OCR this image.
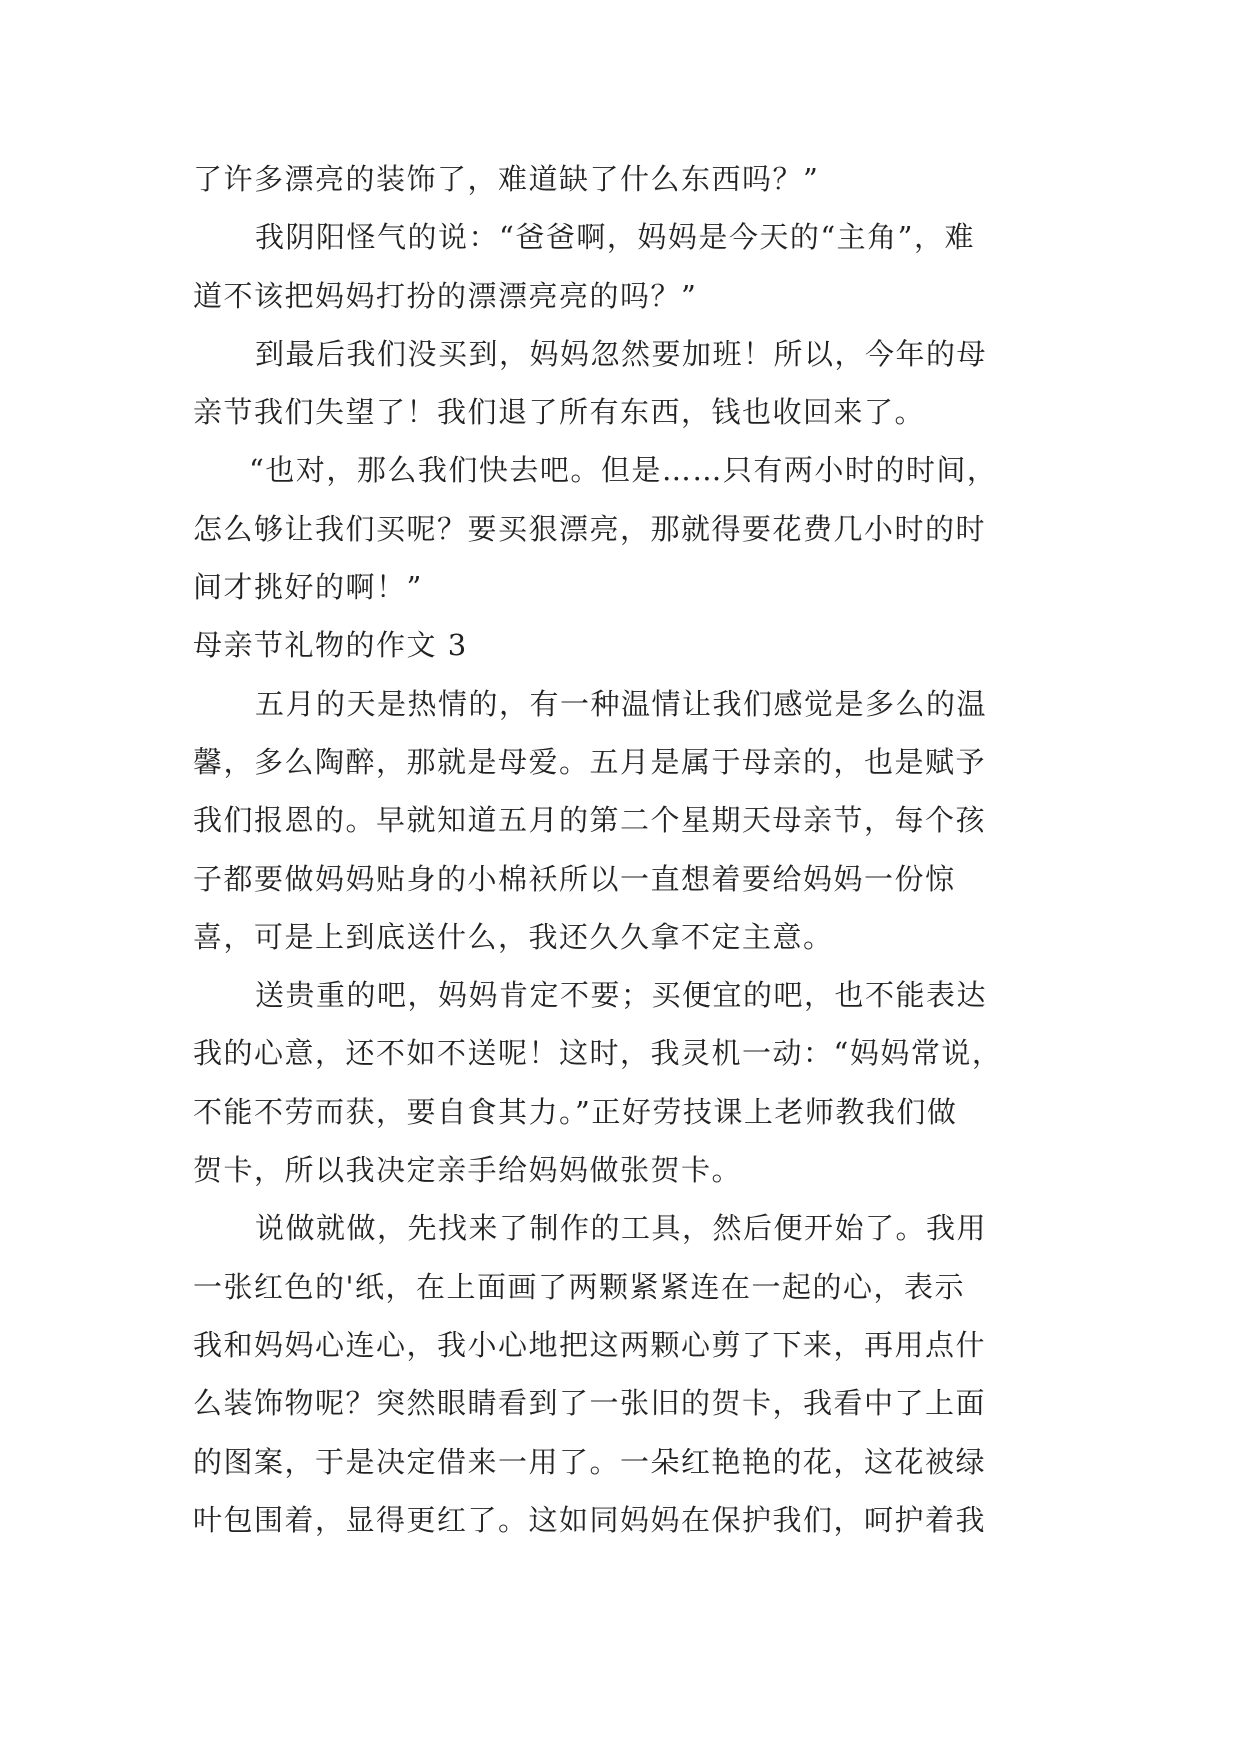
了许多漂亮的装饰了，难道缺了什么东西吗？”
我阴阳怪气的说：“爸爸啊，妈妈是今天的“主角”，难
道不该把妈妈打扮的漂漂亮亮的吗？”
到最后我们没买到，妈妈忽然要加班！所以，今年的母
亲节我们失望了！我们退了所有东西，钱也收回来了。
“也对，那么我们快去吧。但是……只有两小时的时间，
怎么够让我们买呢？要买狠漂亮，那就得要花费几小时的时
间才挑好的啊！”
母亲节礼物的作文 3
五月的天是热情的，有一种温情让我们感觉是多么的温
馨，多么陶醉，那就是母爱。五月是属于母亲的，也是赋予
我们报恩的。早就知道五月的第二个星期天母亲节，每个孩
子都要做妈妈贴身的小棉袄所以一直想着要给妈妈一份惊
喜，可是上到底送什么，我还久久拿不定主意。
送贵重的吧，妈妈肯定不要；买便宜的吧，也不能表达
我的心意，还不如不送呢！这时，我灵机一动：“妈妈常说，
不能不劳而获，要自食其力。”正好劳技课上老师教我们做
贺卡，所以我决定亲手给妈妈做张贺卡。
说做就做，先找来了制作的工具，然后便开始了。我用
一张红色的'纸，在上面画了两颗紧紧连在一起的心，表示
我和妈妈心连心，我小心地把这两颗心剪了下来，再用点什
么装饰物呢？突然眼睛看到了一张旧的贺卡，我看中了上面
的图案，于是决定借来一用了。一朵红艳艳的花，这花被绿
叶包围着，显得更红了。这如同妈妈在保护我们，呵护着我
